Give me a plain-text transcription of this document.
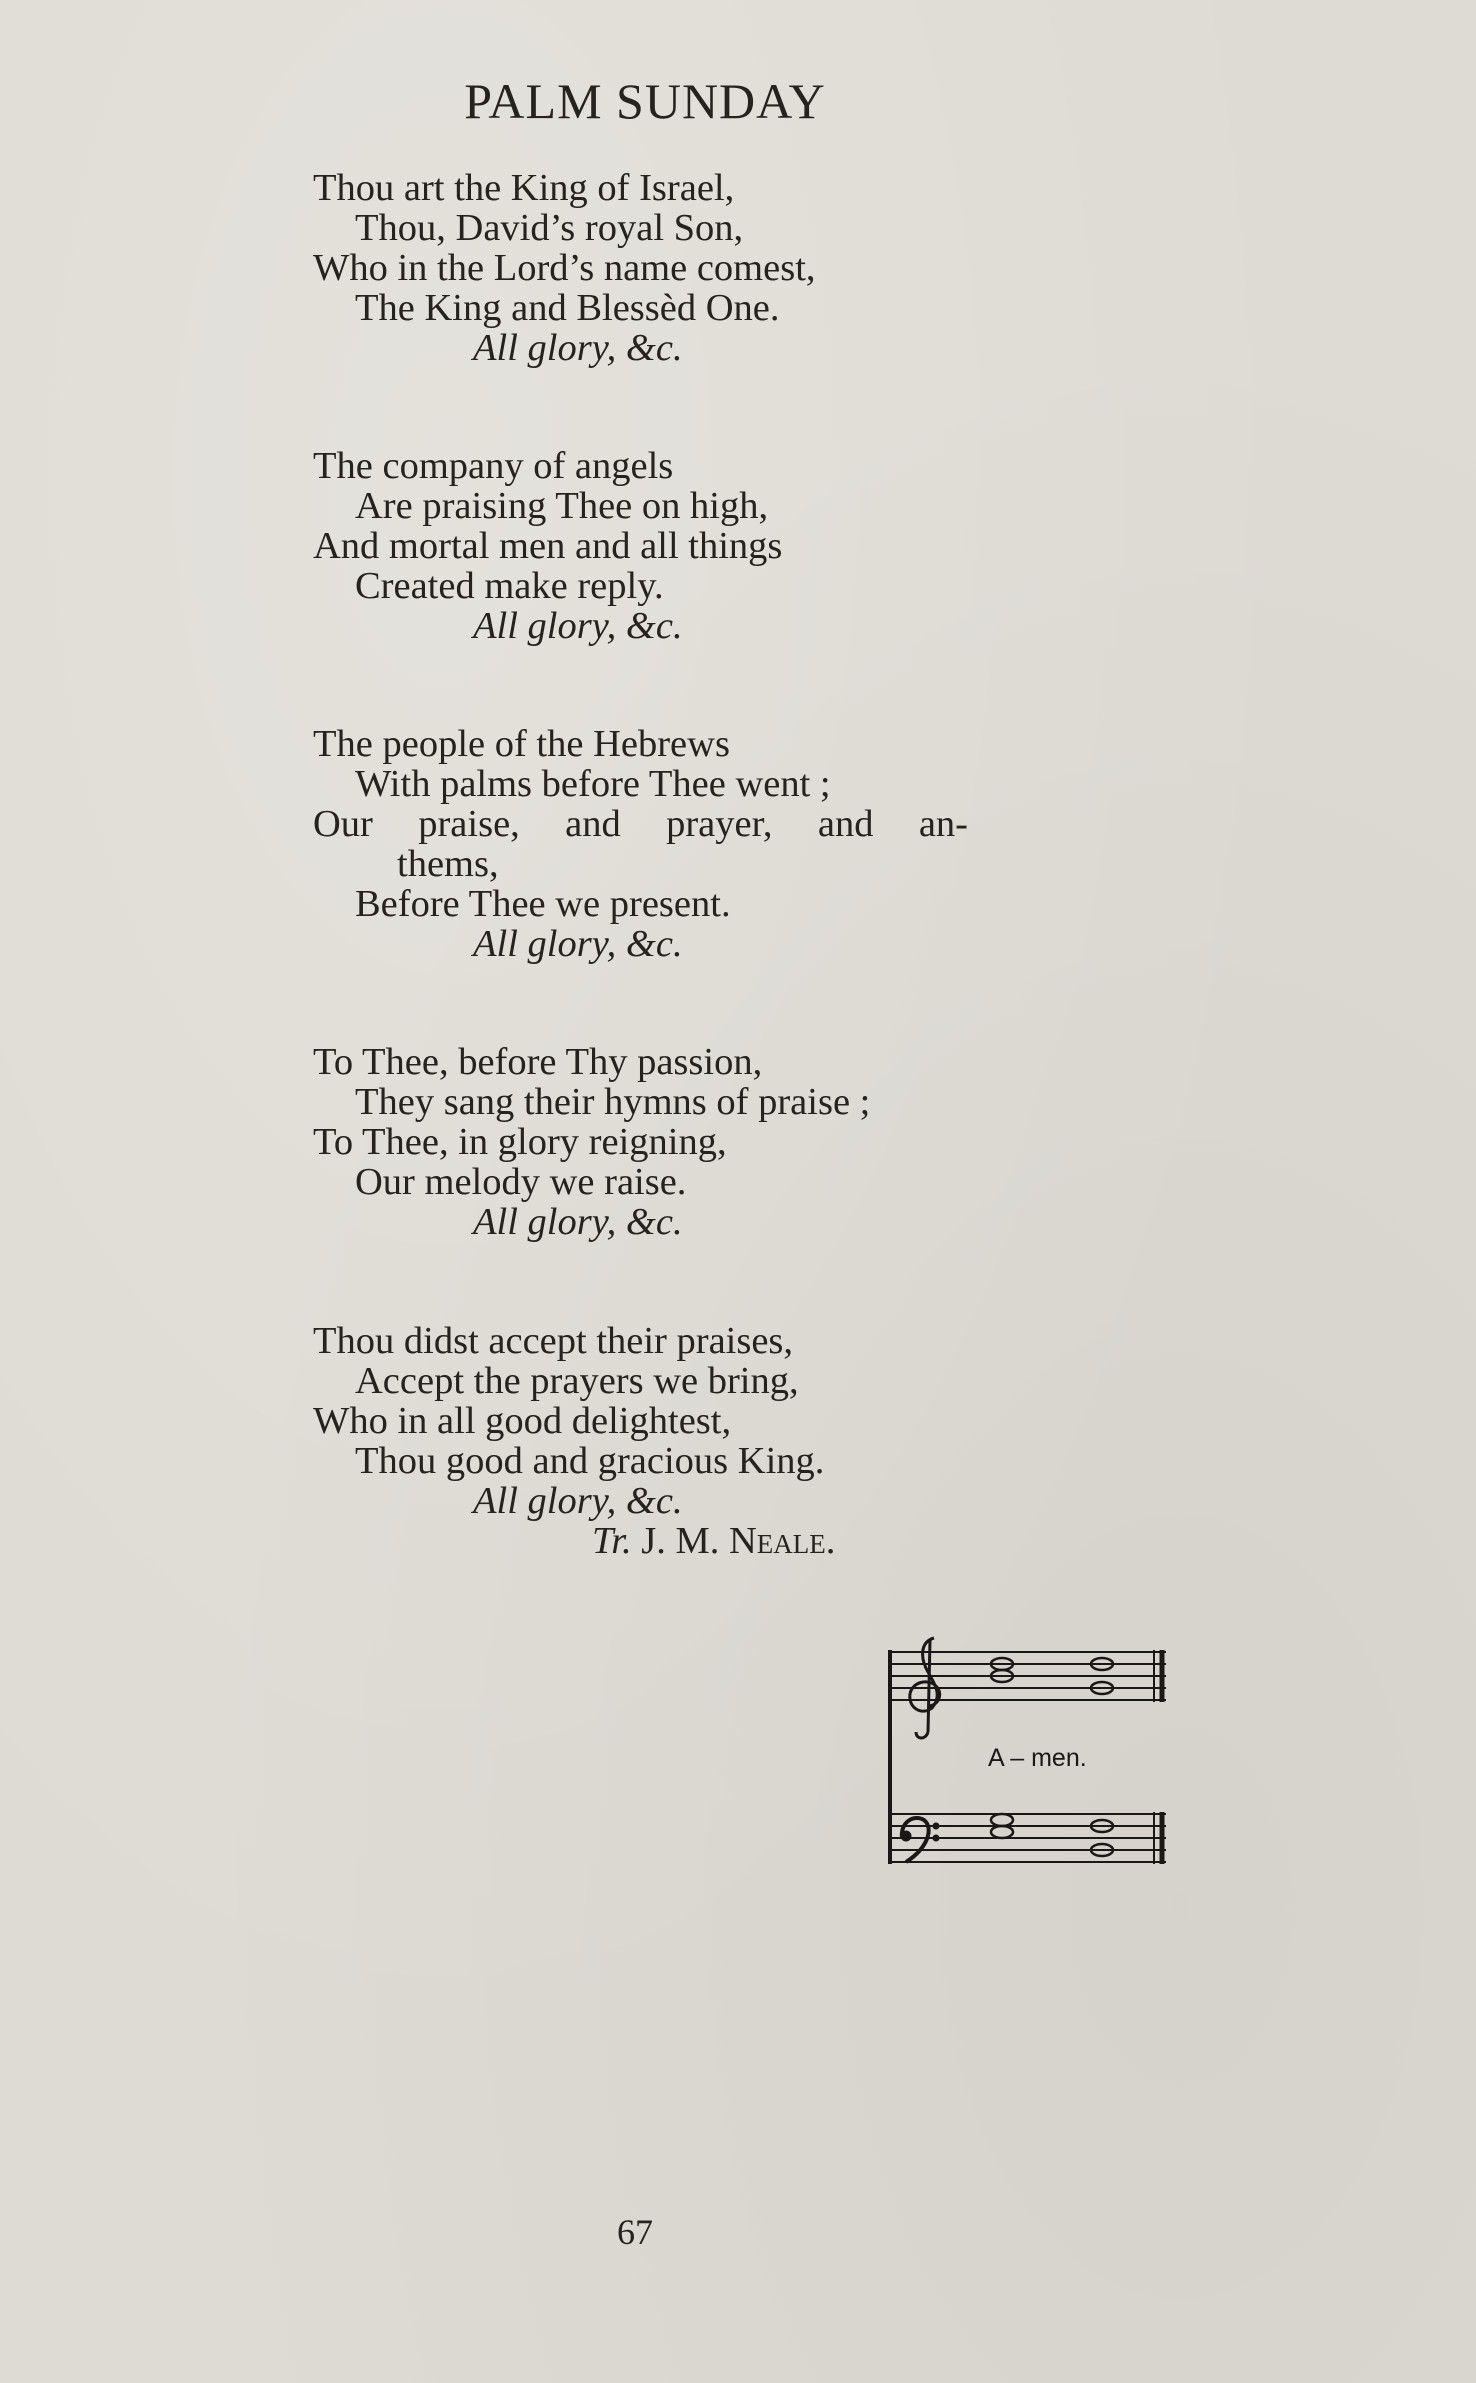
PALM SUNDAY
Thou art the King of Israel,
Thou, David’s royal Son,
Who in the Lord’s name comest,
The King and Blessèd One.
All glory, &c.
The company of angels
Are praising Thee on high,
And mortal men and all things
Created make reply.
All glory, &c.
The people of the Hebrews
With palms before Thee went ;
Our praise, and prayer, and an-
thems,
Before Thee we present.
All glory, &c.
To Thee, before Thy passion,
They sang their hymns of praise ;
To Thee, in glory reigning,
Our melody we raise.
All glory, &c.
Thou didst accept their praises,
Accept the prayers we bring,
Who in all good delightest,
Thou good and gracious King.
All glory, &c.
Tr. J. M. Neale.
A – men.
67
